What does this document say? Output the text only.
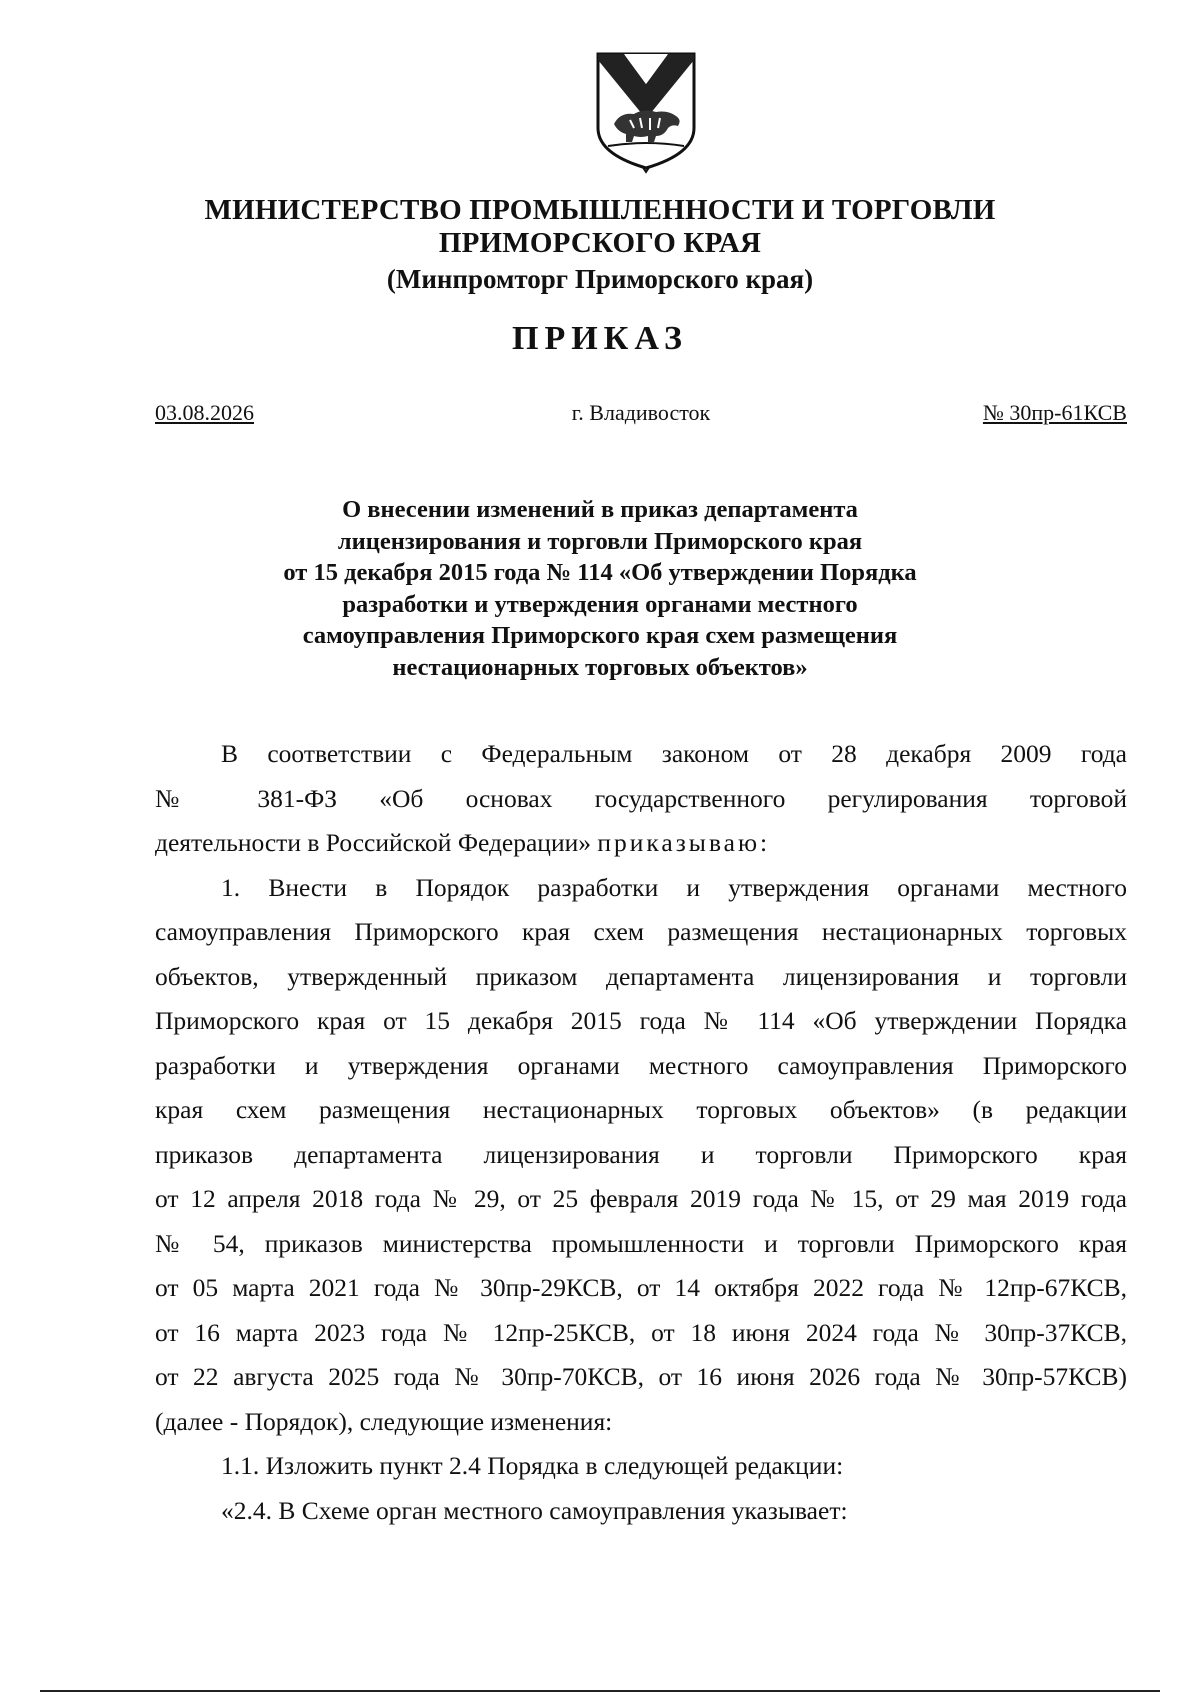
МИНИСТЕРСТВО ПРОМЫШЛЕННОСТИ И ТОРГОВЛИ

ПРИМОРСКОГО КРАЯ

(Минпромторг Приморского края)

ПРИКАЗ

03.08.2026	г. Владивосток	№ 30пр-61КСВ
О внесении изменений в приказ департамента
лицензирования и торговли Приморского края
от 15 декабря 2015 года № 114 «Об утверждении Порядка
разработки и утверждения органами местного
самоуправления Приморского края схем размещения
нестационарных торговых объектов»
В соответствии с Федеральным законом от 28 декабря 2009 года
№ 381-ФЗ «Об основах государственного регулирования торговой
деятельности в Российской Федерации» приказываю:
1. Внести в Порядок разработки и утверждения органами местного
самоуправления Приморского края схем размещения нестационарных торговых
объектов, утвержденный приказом департамента лицензирования и торговли
Приморского края от 15 декабря 2015 года № 114 «Об утверждении Порядка
разработки и утверждения органами местного самоуправления Приморского
края схем размещения нестационарных торговых объектов» (в редакции
приказов департамента лицензирования и торговли Приморского края
от 12 апреля 2018 года № 29, от 25 февраля 2019 года № 15, от 29 мая 2019 года
№ 54, приказов министерства промышленности и торговли Приморского края
от 05 марта 2021 года № 30пр-29КСВ, от 14 октября 2022 года № 12пр-67КСВ,
от 16 марта 2023 года № 12пр-25КСВ, от 18 июня 2024 года № 30пр-37КСВ,
от 22 августа 2025 года № 30пр-70КСВ, от 16 июня 2026 года № 30пр-57КСВ)
(далее - Порядок), следующие изменения:
1.1. Изложить пункт 2.4 Порядка в следующей редакции:
«2.4. В Схеме орган местного самоуправления указывает:
